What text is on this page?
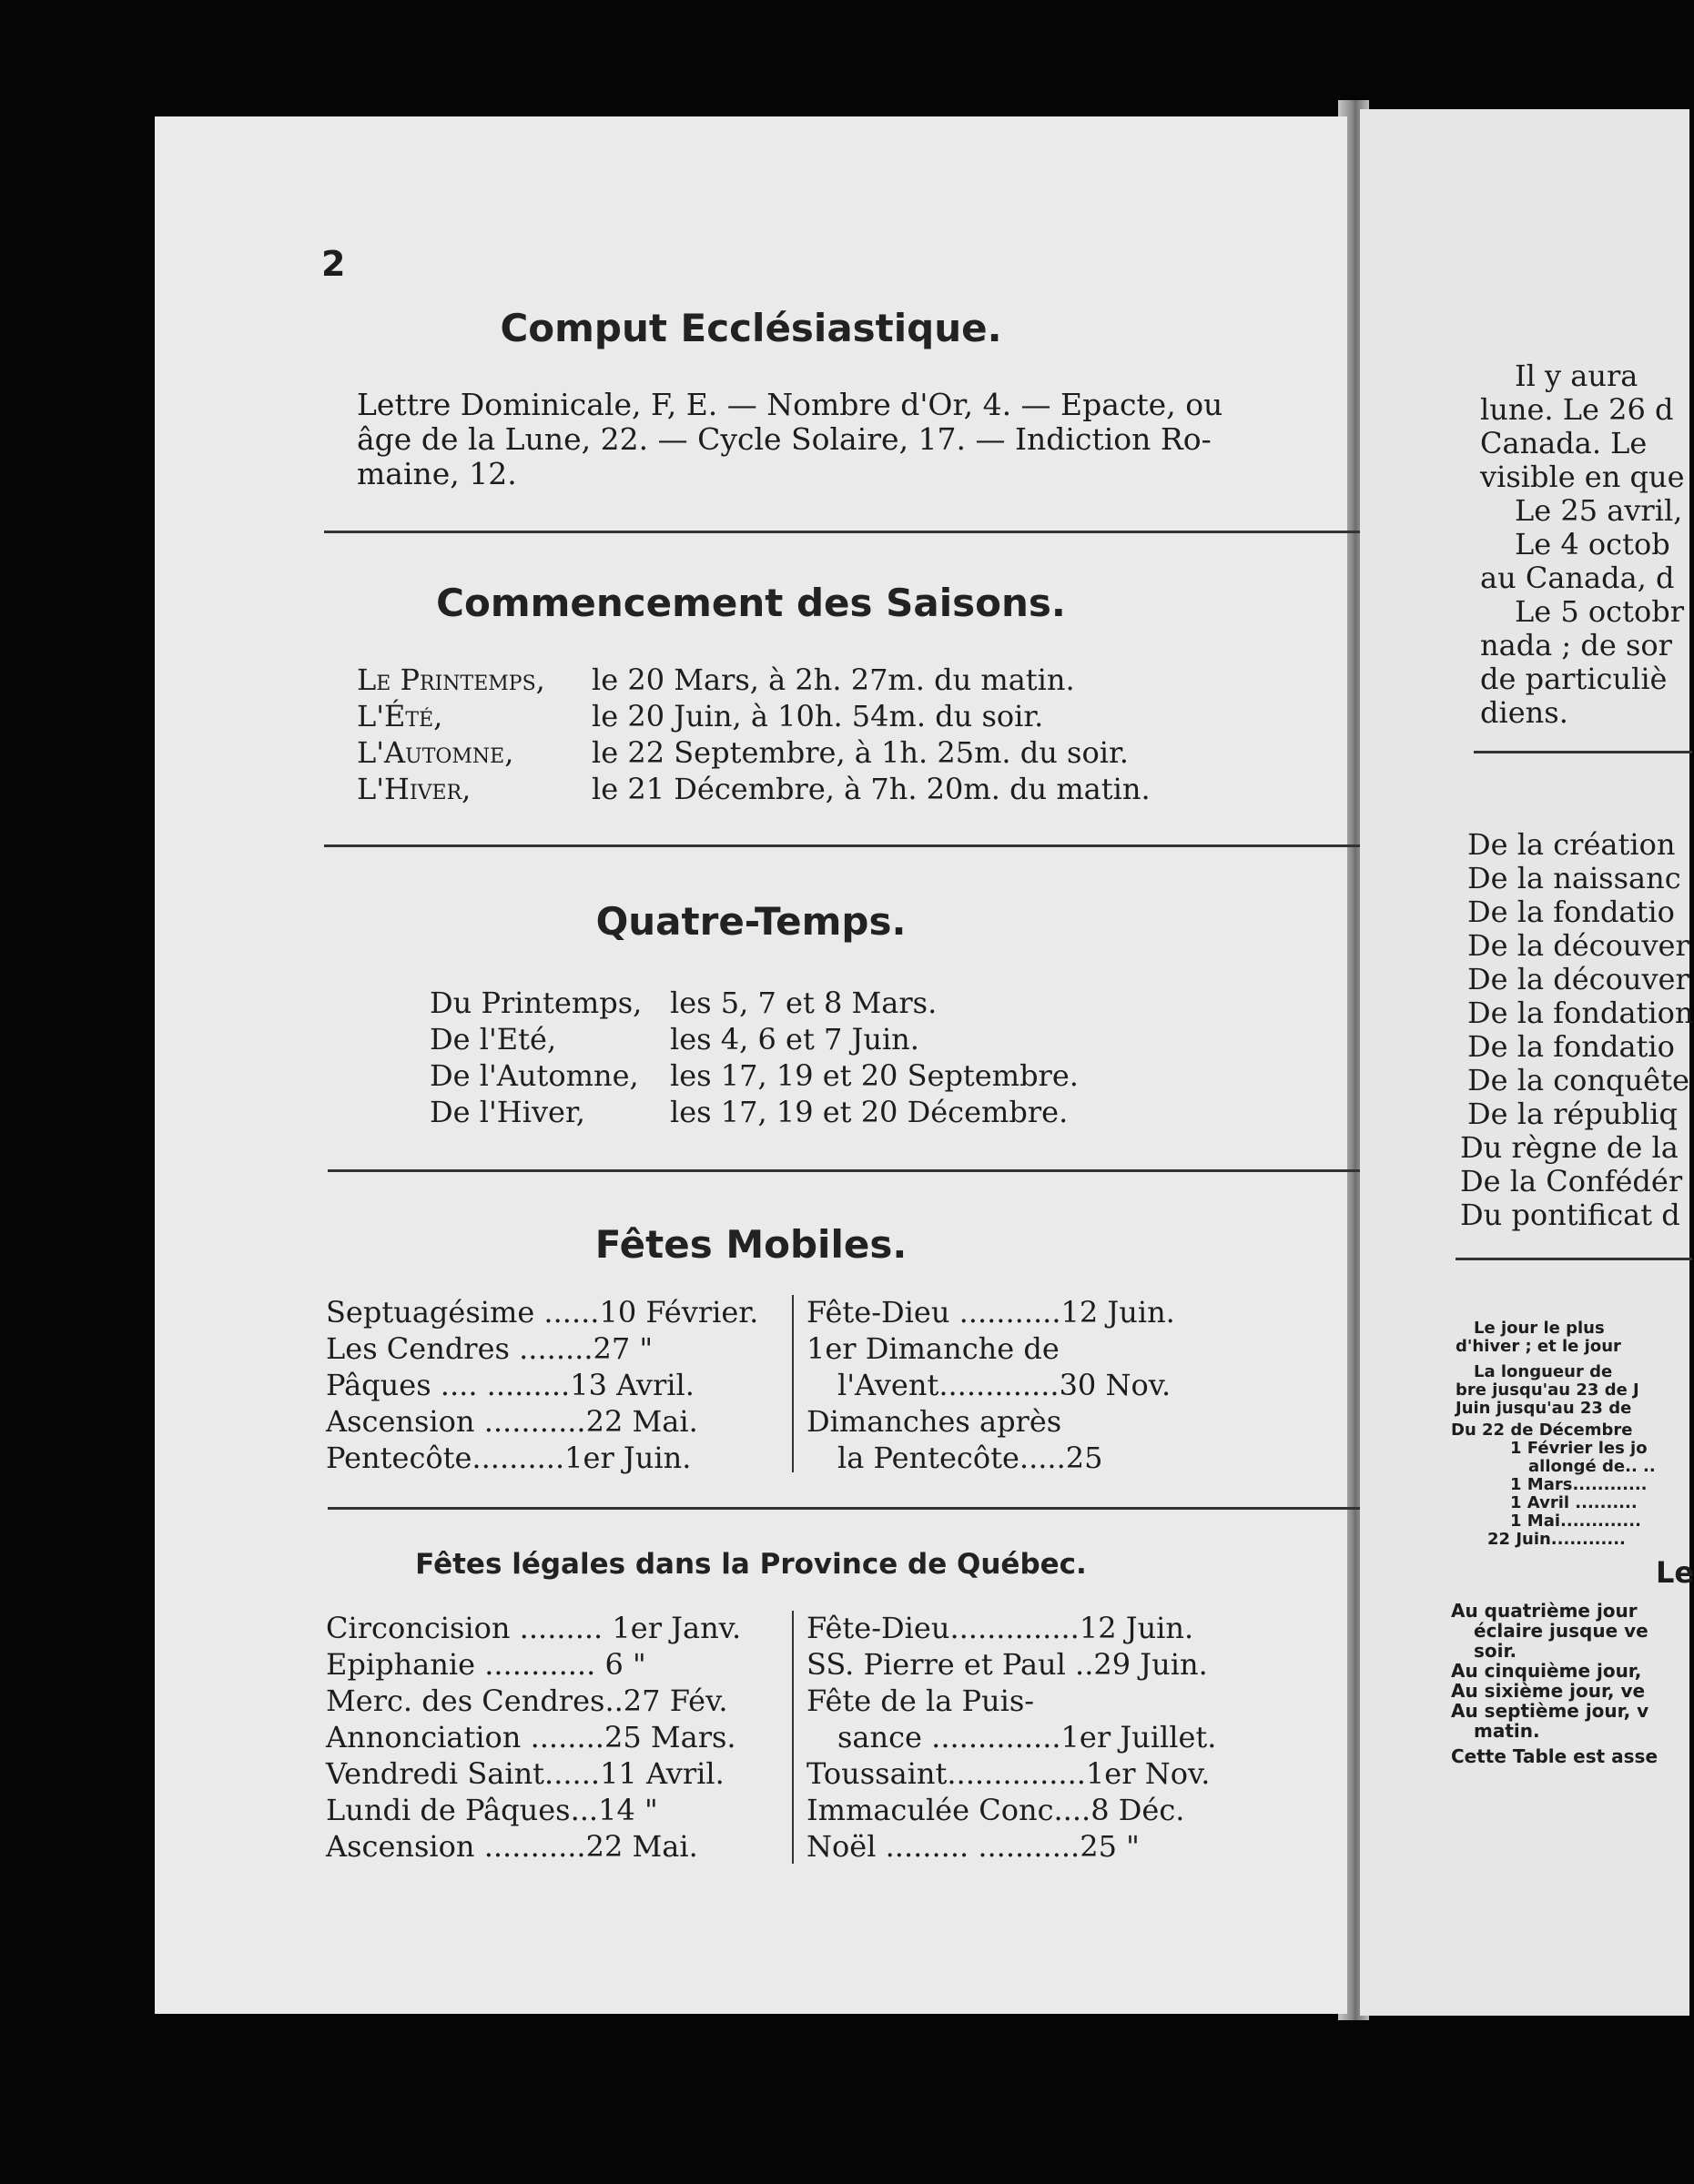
2
Comput Ecclésiastique.
Lettre Dominicale, F, E. — Nombre d'Or, 4. — Epacte, ou
âge de la Lune, 22. — Cycle Solaire, 17. — Indiction Ro-
maine, 12.
Commencement des Saisons.
Le Printemps, le 20 Mars, à 2h. 27m. du matin.
L'Été,	le 20 Juin, à 10h. 54m. du soir.
L'Automne,	le 22 Septembre, à 1h. 25m. du soir.
L'Hiver,	le 21 Décembre, à 7h. 20m. du matin.
Quatre-Temps.
Du Printemps, les 5, 7 et 8 Mars.
De l'Eté,	les 4, 6 et 7 Juin.
De l'Automne, les 17, 19 et 20 Septembre.
De l'Hiver,	les 17, 19 et 20 Décembre.
Fêtes Mobiles.
Septuagésime ......10 Février.
Les Cendres ........27 "
Pâques .... .........13 Avril.
Ascension ...........22 Mai.
Pentecôte..........1er Juin.
Fête-Dieu ...........12 Juin.
1er Dimanche de
l'Avent.............30 Nov.
Dimanches après
la Pentecôte.....25
Fêtes légales dans la Province de Québec.
Circoncision ......... 1er Janv.
Epiphanie ............ 6 "
Merc. des Cendres..27 Fév.
Annonciation ........25 Mars.
Vendredi Saint......11 Avril.
Lundi de Pâques...14 "
Ascension ...........22 Mai.
Fête-Dieu..............12 Juin.
SS. Pierre et Paul ..29 Juin.
Fête de la Puis-
sance ..............1er Juillet.
Toussaint...............1er Nov.
Immaculée Conc....8 Déc.
Noël ......... ...........25 "
Il y aura
lune. Le 26 d
Canada. Le
visible en que
Le 25 avril,
Le 4 octob
au Canada, d
Le 5 octobr
nada ; de sor
de particuliè
diens.
De la création
De la naissanc
De la fondatio
De la découver
De la découver
De la fondation
De la fondatio
De la conquête
De la républiq
Du règne de la
De la Confédér
Du pontificat d
Le jour le plus
d'hiver ; et le jour
La longueur de
bre jusqu'au 23 de J
Juin jusqu'au 23 de
Du 22 de Décembre
1 Février les jo
allongé de.. ..
1 Mars............
1 Avril ..........
1 Mai.............
22 Juin............
Le
Au quatrième jour
éclaire jusque ve
soir.
Au cinquième jour,
Au sixième jour, ve
Au septième jour, v
matin.
Cette Table est asse
